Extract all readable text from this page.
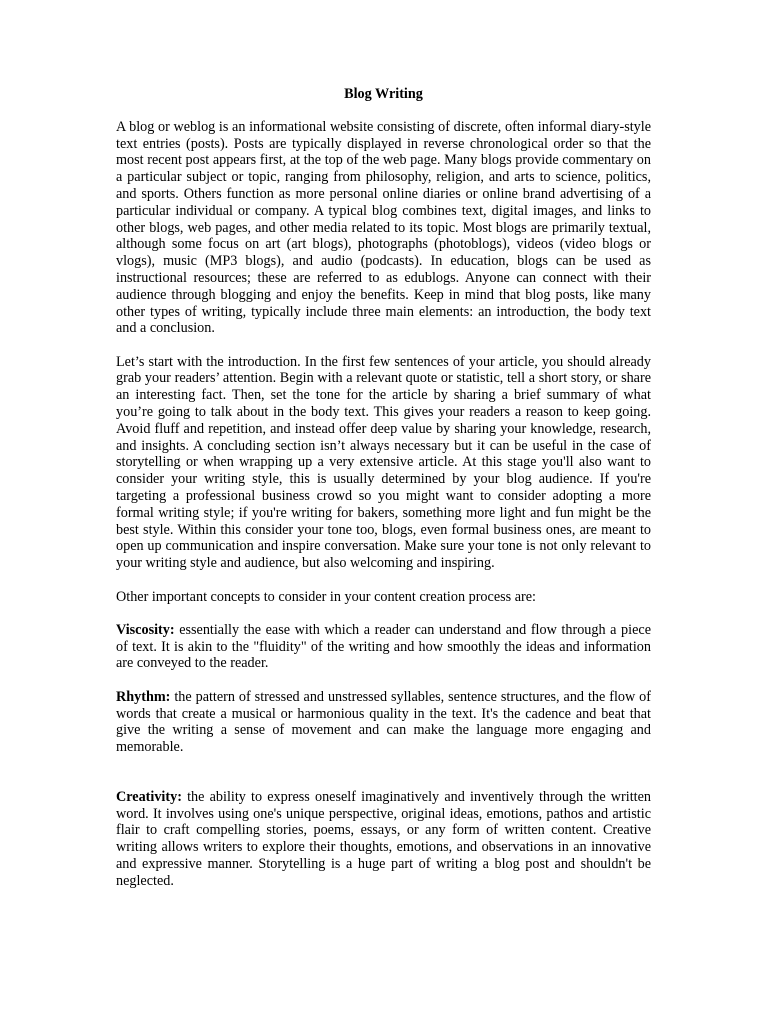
Blog Writing

A blog or weblog is an informational website consisting of discrete, often informal diary-style text entries (posts). Posts are typically displayed in reverse chronological order so that the most recent post appears first, at the top of the web page. Many blogs provide commentary on a particular subject or topic, ranging from philosophy, religion, and arts to science, politics, and sports. Others function as more personal online diaries or online brand advertising of a particular individual or company. A typical blog combines text, digital images, and links to other blogs, web pages, and other media related to its topic. Most blogs are primarily textual, although some focus on art (art blogs), photographs (photoblogs), videos (video blogs or vlogs), music (MP3 blogs), and audio (podcasts). In education, blogs can be used as instructional resources; these are referred to as edublogs. Anyone can connect with their audience through blogging and enjoy the benefits. Keep in mind that blog posts, like many other types of writing, typically include three main elements: an introduction, the body text and a conclusion.

Let’s start with the introduction. In the first few sentences of your article, you should already grab your readers’ attention. Begin with a relevant quote or statistic, tell a short story, or share an interesting fact. Then, set the tone for the article by sharing a brief summary of what you’re going to talk about in the body text. This gives your readers a reason to keep going. Avoid fluff and repetition, and instead offer deep value by sharing your knowledge, research, and insights. A concluding section isn’t always necessary but it can be useful in the case of storytelling or when wrapping up a very extensive article. At this stage you'll also want to consider your writing style, this is usually determined by your blog audience. If you're targeting a professional business crowd so you might want to consider adopting a more formal writing style; if you're writing for bakers, something more light and fun might be the best style. Within this consider your tone too, blogs, even formal business ones, are meant to open up communication and inspire conversation. Make sure your tone is not only relevant to your writing style and audience, but also welcoming and inspiring.

Other important concepts to consider in your content creation process are:

Viscosity: essentially the ease with which a reader can understand and flow through a piece of text. It is akin to the "fluidity" of the writing and how smoothly the ideas and information are conveyed to the reader.

Rhythm: the pattern of stressed and unstressed syllables, sentence structures, and the flow of words that create a musical or harmonious quality in the text. It's the cadence and beat that give the writing a sense of movement and can make the language more engaging and memorable.

Creativity: the ability to express oneself imaginatively and inventively through the written word. It involves using one's unique perspective, original ideas, emotions, pathos and artistic flair to craft compelling stories, poems, essays, or any form of written content. Creative writing allows writers to explore their thoughts, emotions, and observations in an innovative and expressive manner. Storytelling is a huge part of writing a blog post and shouldn't be neglected.
